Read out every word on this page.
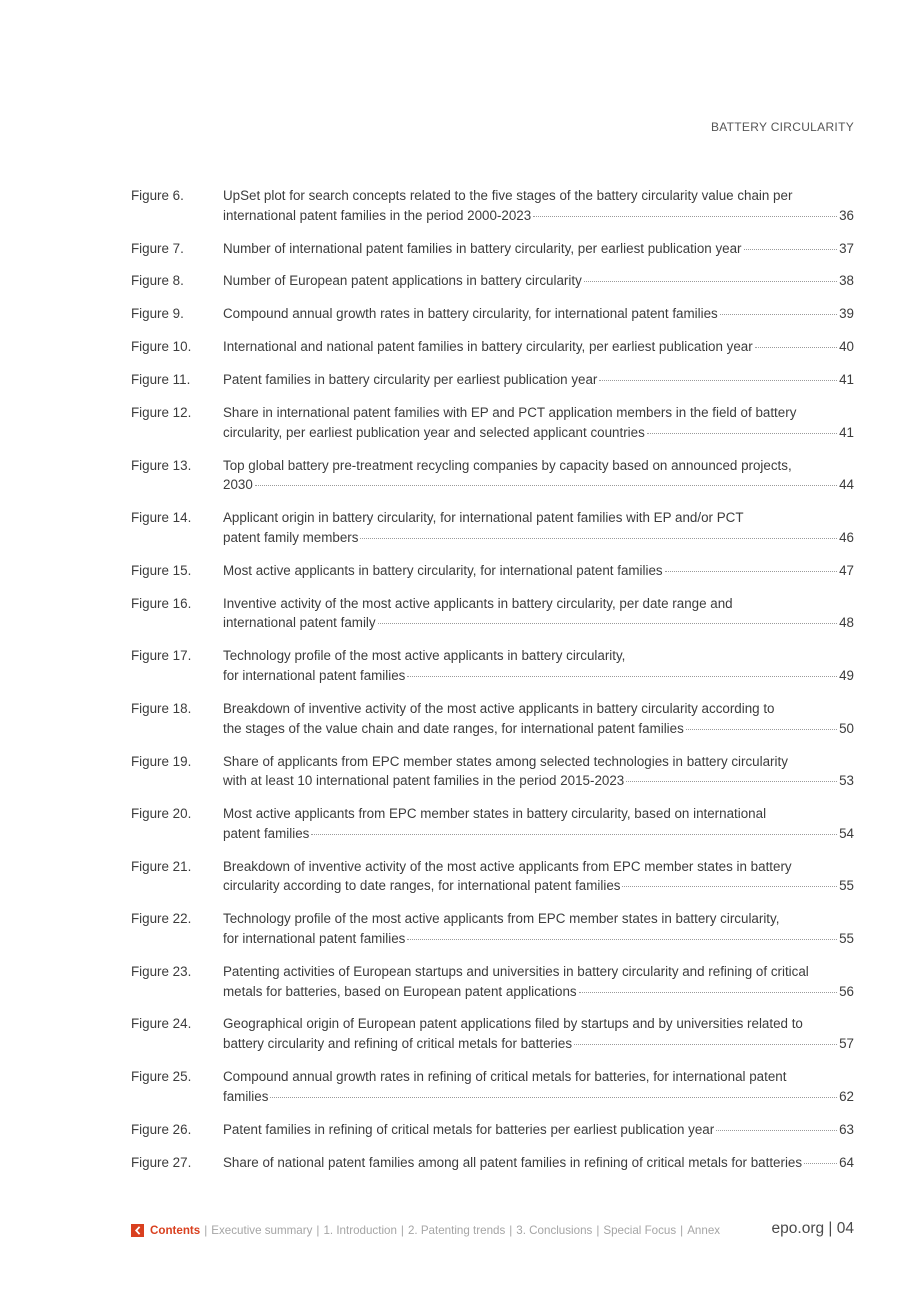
BATTERY CIRCULARITY
Figure 6.	UpSet plot for search concepts related to the five stages of the battery circularity value chain per
international patent families in the period 2000-2023	36
Figure 7.	Number of international patent families in battery circularity, per earliest publication year	37
Figure 8.	Number of European patent applications in battery circularity	38
Figure 9.	Compound annual growth rates in battery circularity, for international patent families	39
Figure 10.	International and national patent families in battery circularity, per earliest publication year	40
Figure 11.	Patent families in battery circularity per earliest publication year	41
Figure 12.	Share in international patent families with EP and PCT application members in the field of battery
circularity, per earliest publication year and selected applicant countries	41
Figure 13.	Top global battery pre-treatment recycling companies by capacity based on announced projects,
2030	44
Figure 14.	Applicant origin in battery circularity, for international patent families with EP and/or PCT
patent family members	46
Figure 15.	Most active applicants in battery circularity, for international patent families	47
Figure 16.	Inventive activity of the most active applicants in battery circularity, per date range and
international patent family	48
Figure 17.	Technology profile of the most active applicants in battery circularity,
for international patent families	49
Figure 18.	Breakdown of inventive activity of the most active applicants in battery circularity according to
the stages of the value chain and date ranges, for international patent families	50
Figure 19.	Share of applicants from EPC member states among selected technologies in battery circularity
with at least 10 international patent families in the period 2015-2023	53
Figure 20.	Most active applicants from EPC member states in battery circularity, based on international
patent families	54
Figure 21.	Breakdown of inventive activity of the most active applicants from EPC member states in battery
circularity according to date ranges, for international patent families	55
Figure 22.	Technology profile of the most active applicants from EPC member states in battery circularity,
for international patent families	55
Figure 23.	Patenting activities of European startups and universities in battery circularity and refining of critical
metals for batteries, based on European patent applications	56
Figure 24.	Geographical origin of European patent applications filed by startups and by universities related to
battery circularity and refining of critical metals for batteries	57
Figure 25.	Compound annual growth rates in refining of critical metals for batteries, for international patent
families	62
Figure 26.	Patent families in refining of critical metals for batteries per earliest publication year	63
Figure 27.	Share of national patent families among all patent families in refining of critical metals for batteries	64
Contents | Executive summary | 1. Introduction | 2. Patenting trends | 3. Conclusions | Special Focus | Annex	epo.org | 04
